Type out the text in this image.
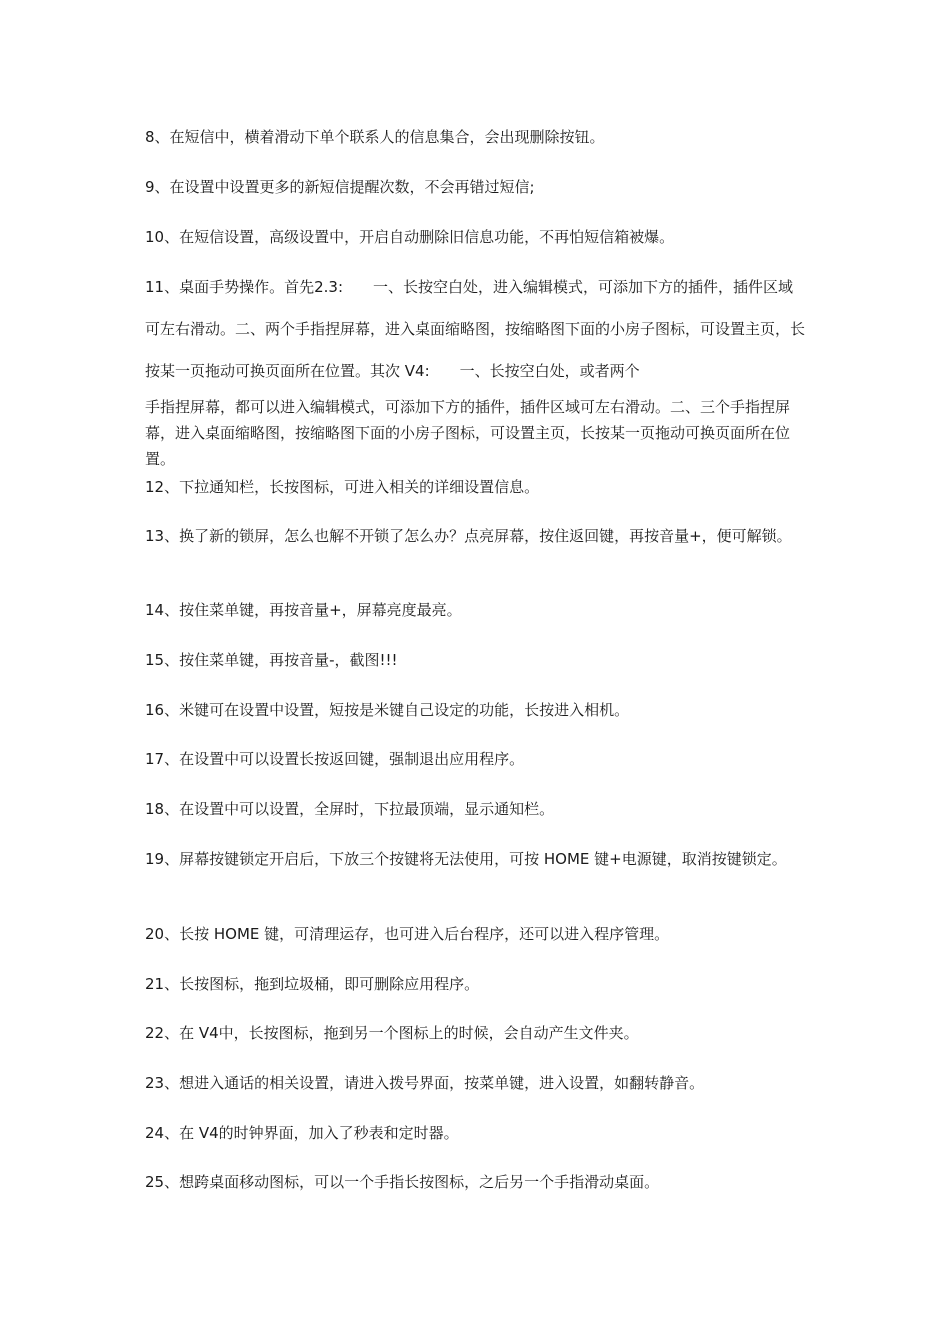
8、在短信中，横着滑动下单个联系人的信息集合，会出现删除按钮。

9、在设置中设置更多的新短信提醒次数，不会再错过短信;

10、在短信设置，高级设置中，开启自动删除旧信息功能，不再怕短信箱被爆。

11、桌面手势操作。首先2.3:　　一、长按空白处，进入编辑模式，可添加下方的插件，插件区域可左右滑动。二、两个手指捏屏幕，进入桌面缩略图，按缩略图下面的小房子图标，可设置主页，长按某一页拖动可换页面所在位置。其次 V4:　　一、长按空白处，或者两个

手指捏屏幕，都可以进入编辑模式，可添加下方的插件，插件区域可左右滑动。二、三个手指捏屏幕，进入桌面缩略图，按缩略图下面的小房子图标，可设置主页，长按某一页拖动可换页面所在位置。

12、下拉通知栏，长按图标，可进入相关的详细设置信息。

13、换了新的锁屏，怎么也解不开锁了怎么办？点亮屏幕，按住返回键，再按音量+，便可解锁。

14、按住菜单键，再按音量+，屏幕亮度最亮。

15、按住菜单键，再按音量-，截图!!!

16、米键可在设置中设置，短按是米键自己设定的功能，长按进入相机。

17、在设置中可以设置长按返回键，强制退出应用程序。

18、在设置中可以设置，全屏时，下拉最顶端，显示通知栏。

19、屏幕按键锁定开启后，下放三个按键将无法使用，可按 HOME 键+电源键，取消按键锁定。

20、长按 HOME 键，可清理运存，也可进入后台程序，还可以进入程序管理。

21、长按图标，拖到垃圾桶，即可删除应用程序。

22、在 V4中，长按图标，拖到另一个图标上的时候，会自动产生文件夹。

23、想进入通话的相关设置，请进入拨号界面，按菜单键，进入设置，如翻转静音。

24、在 V4的时钟界面，加入了秒表和定时器。

25、想跨桌面移动图标，可以一个手指长按图标，之后另一个手指滑动桌面。
